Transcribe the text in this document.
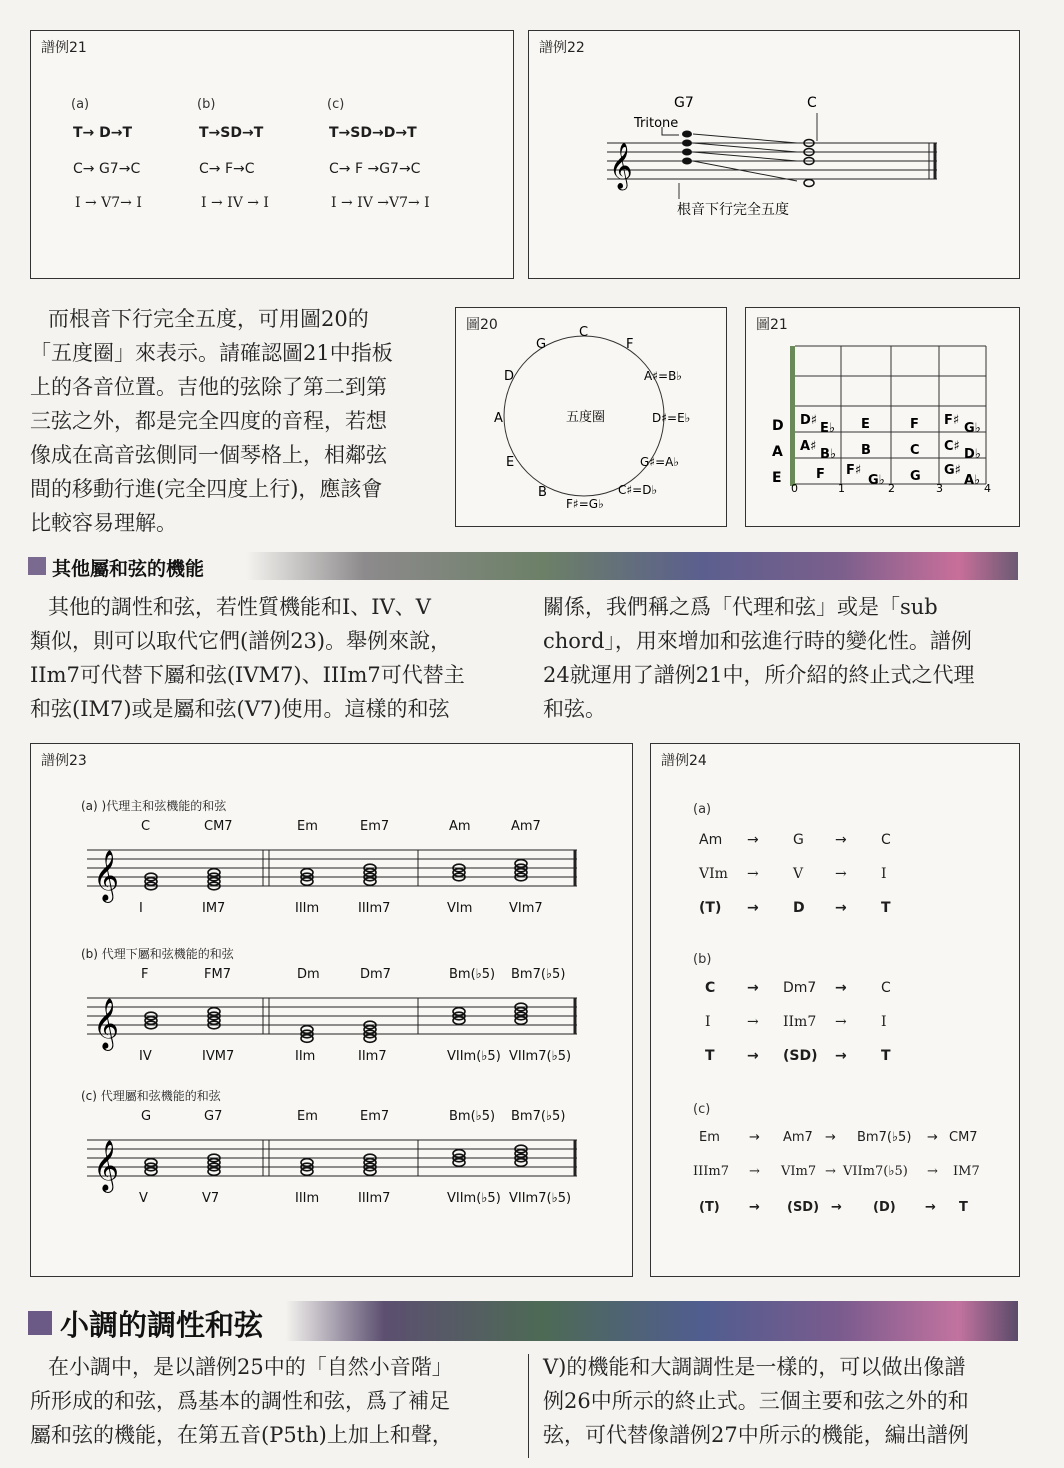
譜例21
(a)	(b)	(c)
T→ D→T	T→SD→T	T→SD→D→T
C→ G7→C	C→ F→C	C→ F →G7→C
I → V7→ I	I → IV → I	I → IV →V7→ I
譜例22
G7	C
Tritone
𝄞
根音下行完全五度
而根音下行完全五度，可用圖20的
「五度圈」來表示。請確認圖21中指板
上的各音位置。吉他的弦除了第二到第
三弦之外，都是完全四度的音程，若想
像成在高音弦側同一個琴格上，相鄰弦
間的移動行進(完全四度上行)，應該會
比較容易理解。
圖20
五度圈
C
F
A♯=B♭
D♯=E♭
G♯=A♭
C♯=D♭
F♯=G♭
B
E
A
D
G
圖21
D
A
E
0	1	2	3	4
D♯
E♭ E	F F♯
G♭
A♯
B♭ B	C C♯
D♭
F F♯
G♭ G G♯
A♭
其他屬和弦的機能
其他的調性和弦，若性質機能和I、IV、V
類似，則可以取代它們(譜例23)。舉例來說，
IIm7可代替下屬和弦(IVM7)、IIIm7可代替主
和弦(IM7)或是屬和弦(V7)使用。這樣的和弦
關係，我們稱之爲「代理和弦」或是「sub
chord」，用來增加和弦進行時的變化性。譜例
24就運用了譜例21中，所介紹的終止式之代理
和弦。
譜例23
(a) )代理主和弦機能的和弦
𝄞
C
I
CM7
IM7
Em
IIIm
Em7
IIIm7
Am
VIm
Am7
VIm7
(b) 代理下屬和弦機能的和弦
𝄞
F
IV
FM7
IVM7
Dm
IIm
Dm7
IIm7
Bm(♭5)
VIIm(♭5)
Bm7(♭5)
VIIm7(♭5)
(c) 代理屬和弦機能的和弦
𝄞
G
V
G7
V7
Em
IIIm
Em7
IIIm7
Bm(♭5)
VIIm(♭5)
Bm7(♭5)
VIIm7(♭5)
譜例24
(a)
Am → G → C
VIm → V → I
(T) → D → T
(b)
C → Dm7 → C
I	→ IIm7 → I
T → (SD) → T
(c)
Em → Am7 → Bm7(♭5) → CM7
IIIm7 → VIm7 → VIIm7(♭5) → IM7
(T) → (SD) → (D) → T
小調的調性和弦
在小調中，是以譜例25中的「自然小音階」
所形成的和弦，爲基本的調性和弦，爲了補足
屬和弦的機能，在第五音(P5th)上加上和聲，
V)的機能和大調調性是一樣的，可以做出像譜
例26中所示的終止式。三個主要和弦之外的和
弦，可代替像譜例27中所示的機能，編出譜例
